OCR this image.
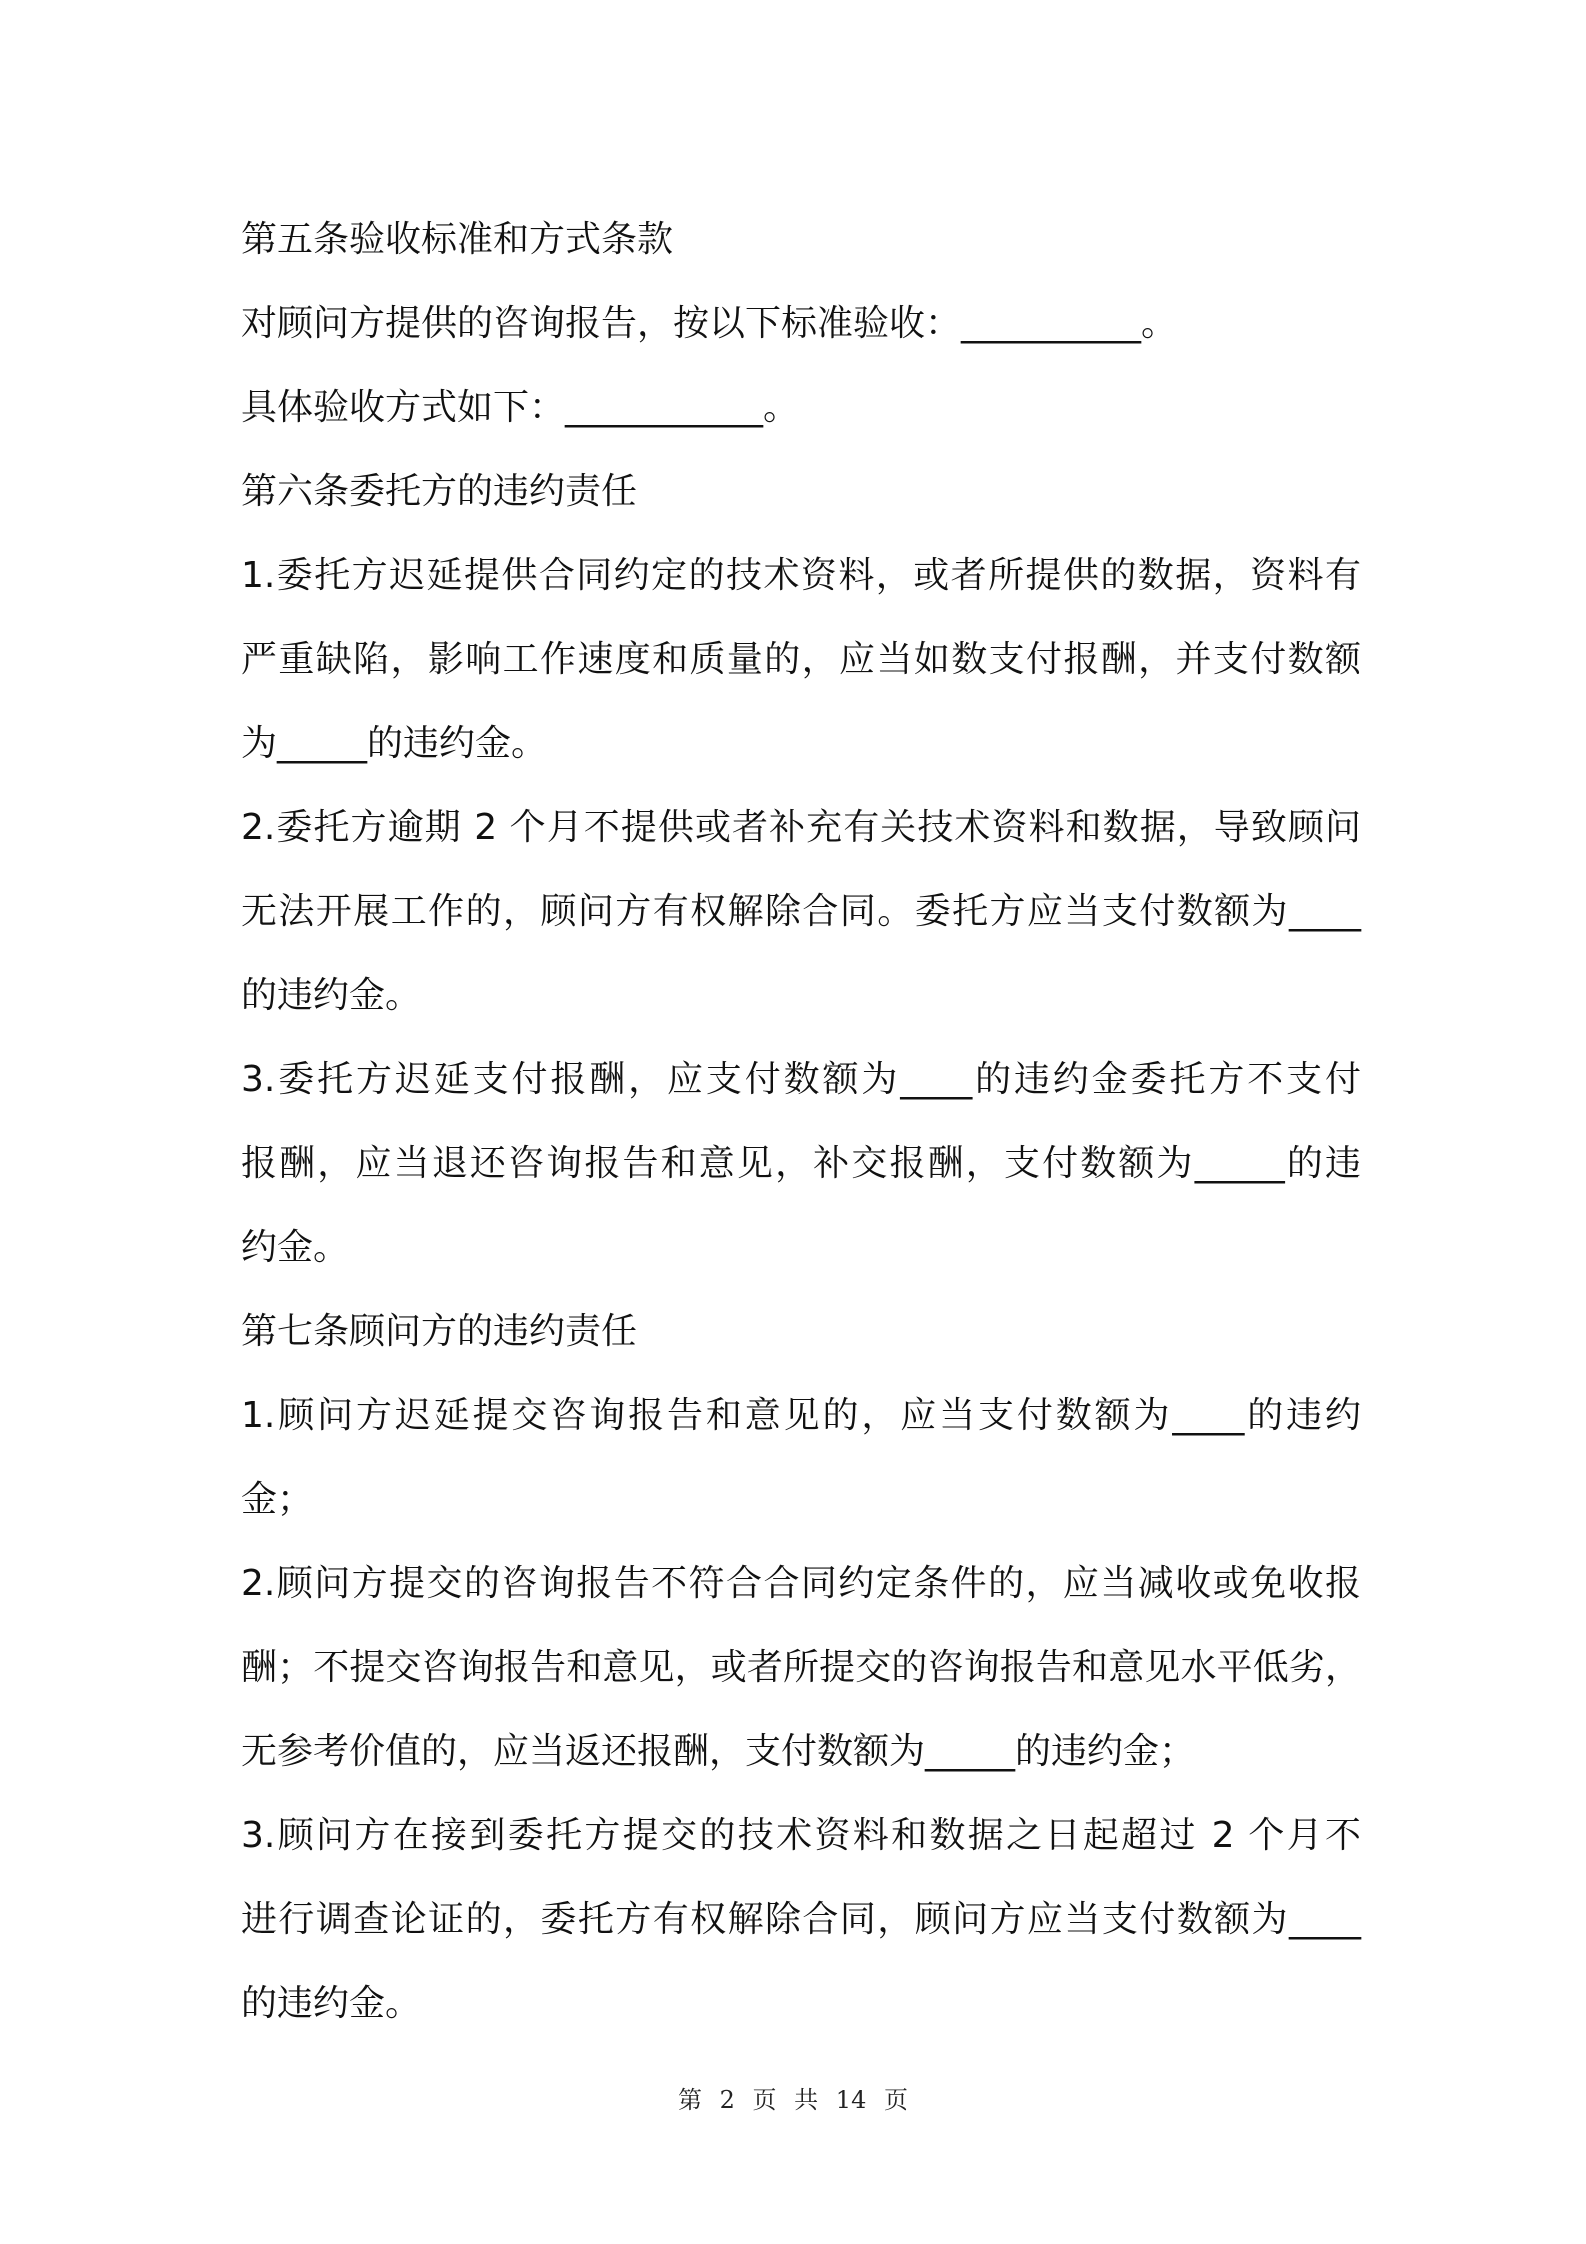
第五条验收标准和方式条款
对顾问方提供的咨询报告，按以下标准验收：__________。
具体验收方式如下：___________。
第六条委托方的违约责任
1.委托方迟延提供合同约定的技术资料，或者所提供的数据，资料有
严重缺陷，影响工作速度和质量的，应当如数支付报酬，并支付数额
为_____的违约金。
2.委托方逾期 2 个月不提供或者补充有关技术资料和数据，导致顾问
无法开展工作的，顾问方有权解除合同。委托方应当支付数额为____
的违约金。
3.委托方迟延支付报酬，应支付数额为____的违约金委托方不支付
报酬，应当退还咨询报告和意见，补交报酬，支付数额为_____的违
约金。
第七条顾问方的违约责任
1.顾问方迟延提交咨询报告和意见的，应当支付数额为____的违约
金；
2.顾问方提交的咨询报告不符合合同约定条件的，应当减收或免收报
酬；不提交咨询报告和意见，或者所提交的咨询报告和意见水平低劣，
无参考价值的，应当返还报酬，支付数额为_____的违约金；
3.顾问方在接到委托方提交的技术资料和数据之日起超过 2 个月不
进行调查论证的，委托方有权解除合同，顾问方应当支付数额为____
的违约金。
第 2 页 共 14 页
